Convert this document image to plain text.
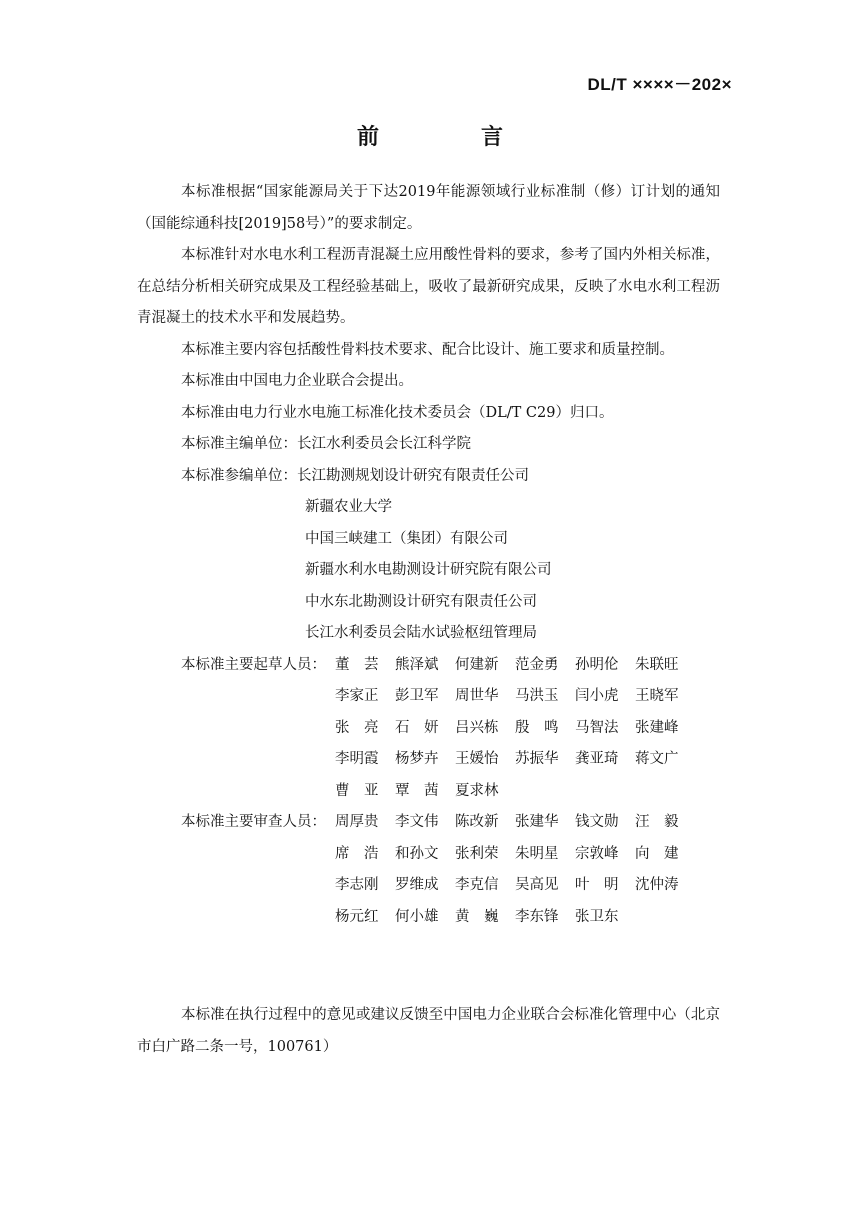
DL/T ××××－202×
前　言

本标准根据“国家能源局关于下达2019年能源领域行业标准制（修）订计划的通知（国能综通科技[2019]58号）”的要求制定。

本标准针对水电水利工程沥青混凝土应用酸性骨料的要求，参考了国内外相关标准，在总结分析相关研究成果及工程经验基础上，吸收了最新研究成果，反映了水电水利工程沥青混凝土的技术水平和发展趋势。

本标准主要内容包括酸性骨料技术要求、配合比设计、施工要求和质量控制。
本标准由中国电力企业联合会提出。
本标准由电力行业水电施工标准化技术委员会（DL/T C29）归口。
本标准主编单位：长江水利委员会长江科学院
本标准参编单位：长江勘测规划设计研究有限责任公司
新疆农业大学
中国三峡建工（集团）有限公司
新疆水利水电勘测设计研究院有限公司
中水东北勘测设计研究有限责任公司
长江水利委员会陆水试验枢纽管理局
本标准主要起草人员： 董　芸	熊泽斌	何建新	范金勇	孙明伦	朱联旺
李家正	彭卫军	周世华	马洪玉	闫小虎	王晓军
张　亮	石　妍	吕兴栋	殷　鸣	马智法	张建峰
李明霞	杨梦卉	王媛怡	苏振华	龚亚琦	蒋文广
曹　亚	覃　茜	夏求林
本标准主要审查人员： 周厚贵	李文伟	陈改新	张建华	钱文勋	汪　毅
席　浩	和孙文	张利荣	朱明星	宗敦峰	向　建
李志刚	罗维成	李克信	吴高见	叶　明	沈仲涛
杨元红	何小雄	黄　巍	李东锋	张卫东

本标准在执行过程中的意见或建议反馈至中国电力企业联合会标准化管理中心（北京市白广路二条一号，100761）
